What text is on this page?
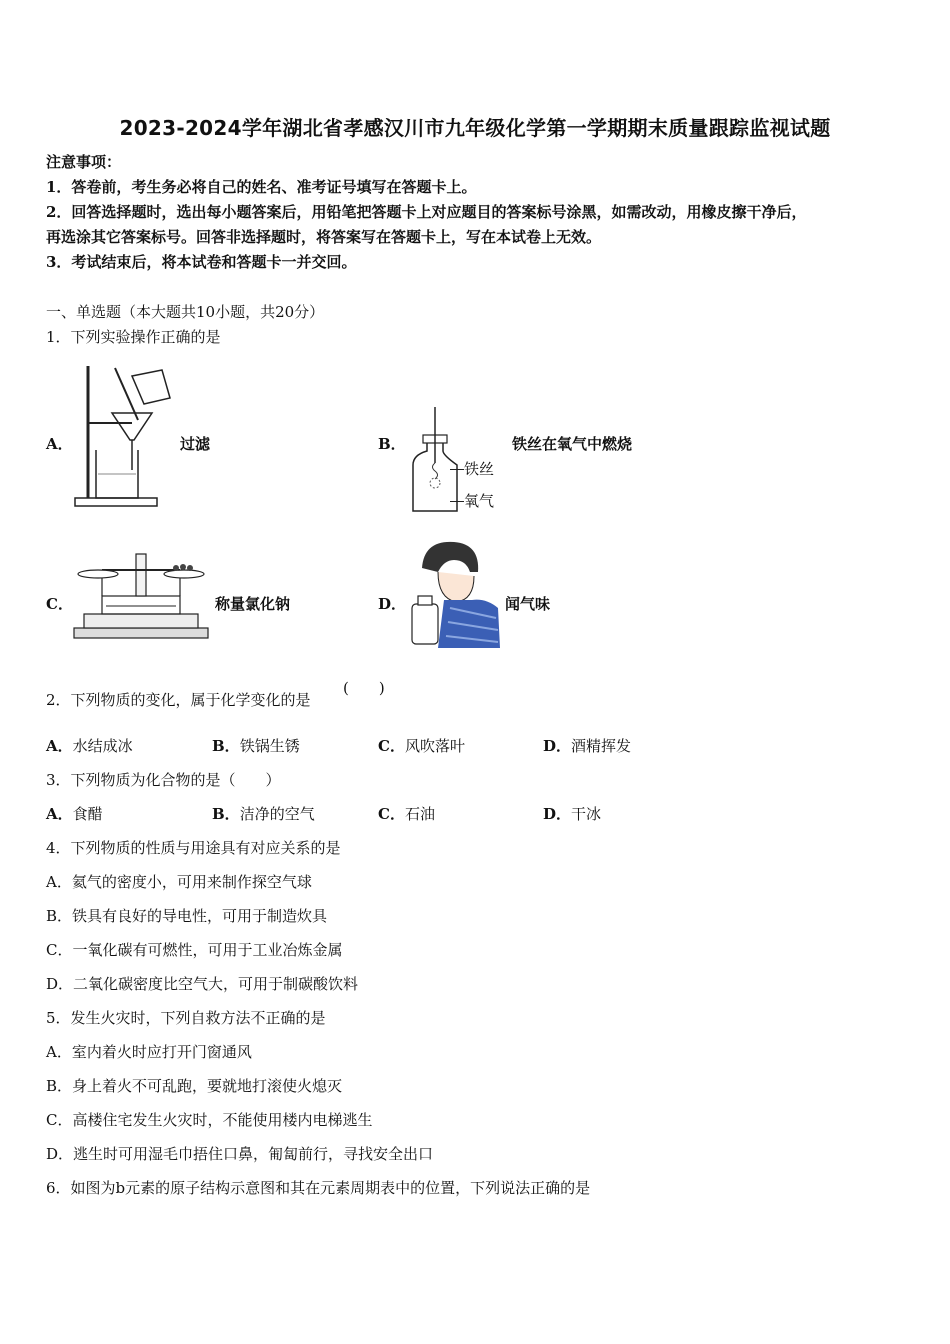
2023-2024学年湖北省孝感汉川市九年级化学第一学期期末质量跟踪监视试题
注意事项：
1．答卷前，考生务必将自己的姓名、准考证号填写在答题卡上。
2．回答选择题时，选出每小题答案后，用铅笔把答题卡上对应题目的答案标号涂黑，如需改动，用橡皮擦干净后，
再选涂其它答案标号。回答非选择题时，将答案写在答题卡上，写在本试卷上无效。
3．考试结束后，将本试卷和答题卡一并交回。
一、单选题（本大题共10小题，共20分）
1．下列实验操作正确的是
A．	过滤	B．
铁丝
氧气
铁丝在氧气中燃烧
C．	称量氯化钠	D．	闻气味
2．下列物质的变化，属于化学变化的是
(　　)
A．水结成冰	B．铁锅生锈	C．风吹落叶	D．酒精挥发
3．下列物质为化合物的是（　　）
A．食醋	B．洁净的空气	C．石油	D．干冰
4．下列物质的性质与用途具有对应关系的是
A．氦气的密度小，可用来制作探空气球
B．铁具有良好的导电性，可用于制造炊具
C．一氧化碳有可燃性，可用于工业冶炼金属
D．二氧化碳密度比空气大，可用于制碳酸饮料
5．发生火灾时，下列自救方法不正确的是
A．室内着火时应打开门窗通风
B．身上着火不可乱跑，要就地打滚使火熄灭
C．高楼住宅发生火灾时，不能使用楼内电梯逃生
D．逃生时可用湿毛巾捂住口鼻，匍匐前行，寻找安全出口
6．如图为b元素的原子结构示意图和其在元素周期表中的位置，下列说法正确的是
